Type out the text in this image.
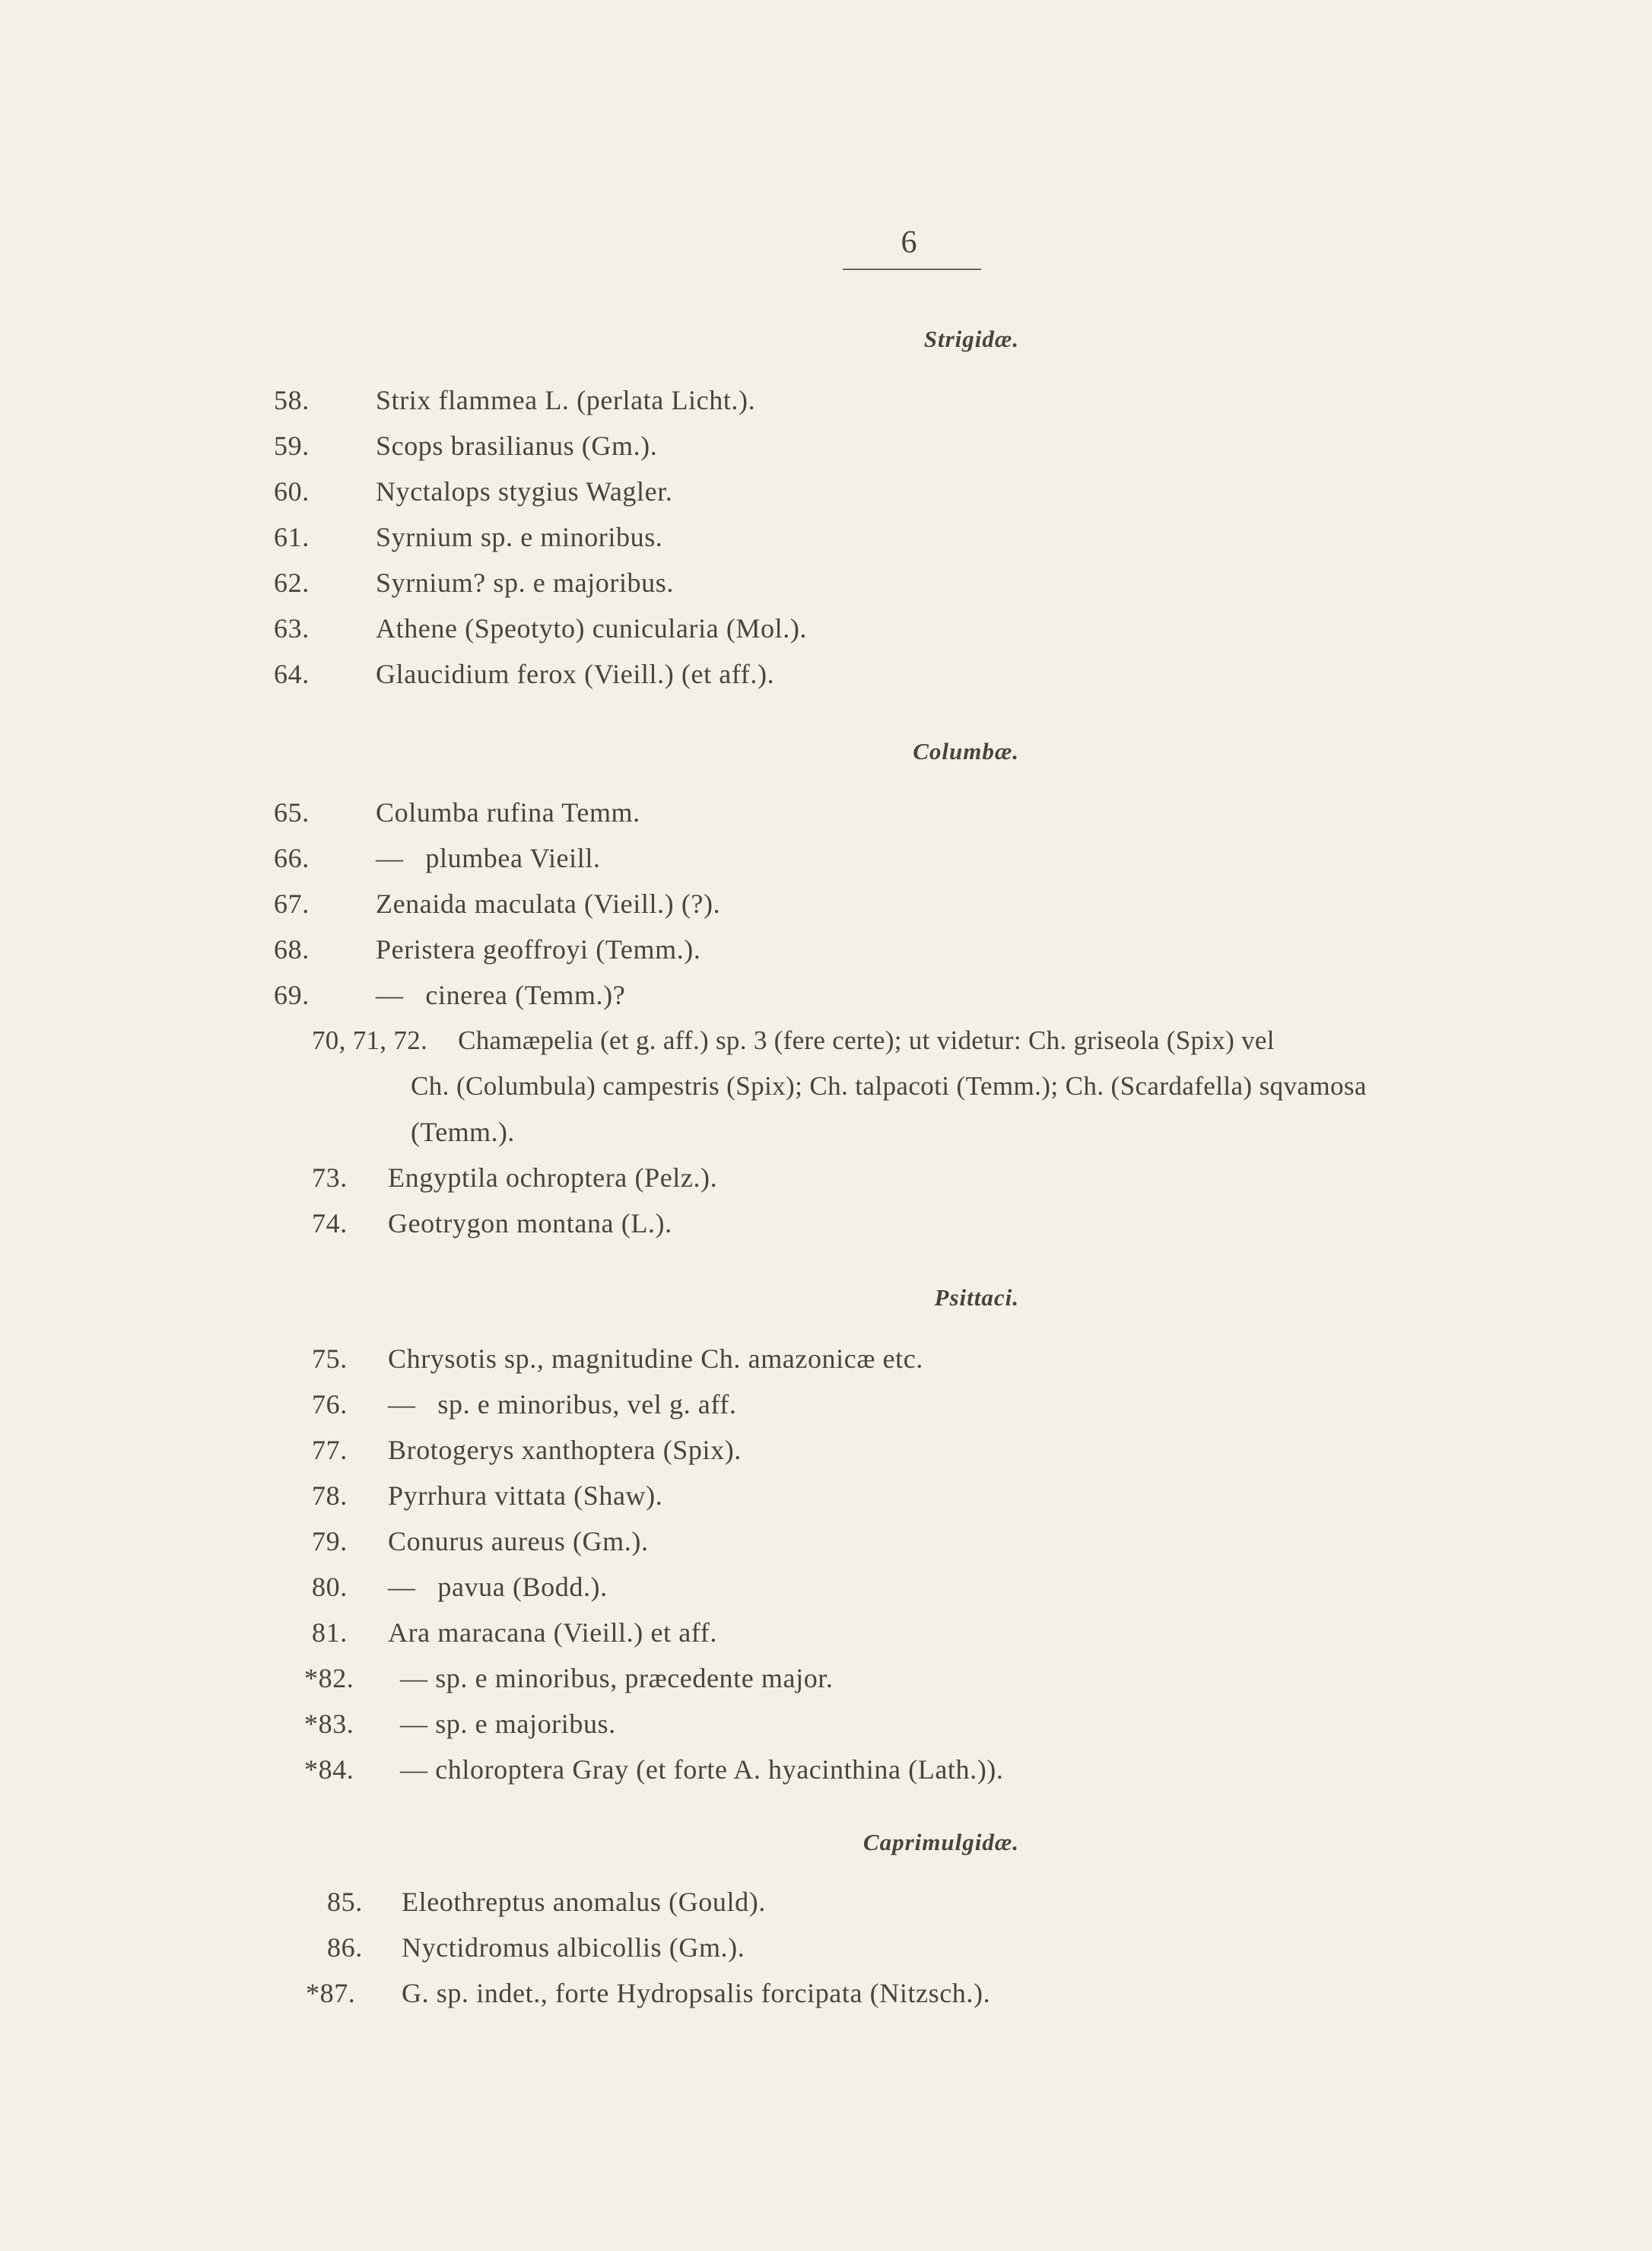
6
Strigidæ.
58. Strix flammea L. (perlata Licht.).
59. Scops brasilianus (Gm.).
60. Nyctalops stygius Wagler.
61. Syrnium sp. e minoribus.
62. Syrnium? sp. e majoribus.
63. Athene (Speotyto) cunicularia (Mol.).
64. Glaucidium ferox (Vieill.) (et aff.).
Columbæ.
65. Columba rufina Temm.
66. —   plumbea Vieill.
67. Zenaida maculata (Vieill.) (?).
68. Peristera geoffroyi (Temm.).
69. —   cinerea (Temm.)?
70, 71, 72. Chamæpelia (et g. aff.) sp. 3 (fere certe); ut videtur: Ch. griseola (Spix) vel
Ch. (Columbula) campestris (Spix); Ch. talpacoti (Temm.); Ch. (Scardafella) sqvamosa
(Temm.).
73. Engyptila ochroptera (Pelz.).
74. Geotrygon montana (L.).
Psittaci.
75. Chrysotis sp., magnitudine Ch. amazonicæ etc.
76. —   sp. e minoribus, vel g. aff.
77. Brotogerys xanthoptera (Spix).
78. Pyrrhura vittata (Shaw).
79. Conurus aureus (Gm.).
80. —   pavua (Bodd.).
81. Ara maracana (Vieill.) et aff.
*82. — sp. e minoribus, præcedente major.
*83. — sp. e majoribus.
*84. — chloroptera Gray (et forte A. hyacinthina (Lath.)).
Caprimulgidæ.
85. Eleothreptus anomalus (Gould).
86. Nyctidromus albicollis (Gm.).
*87. G. sp. indet., forte Hydropsalis forcipata (Nitzsch.).
